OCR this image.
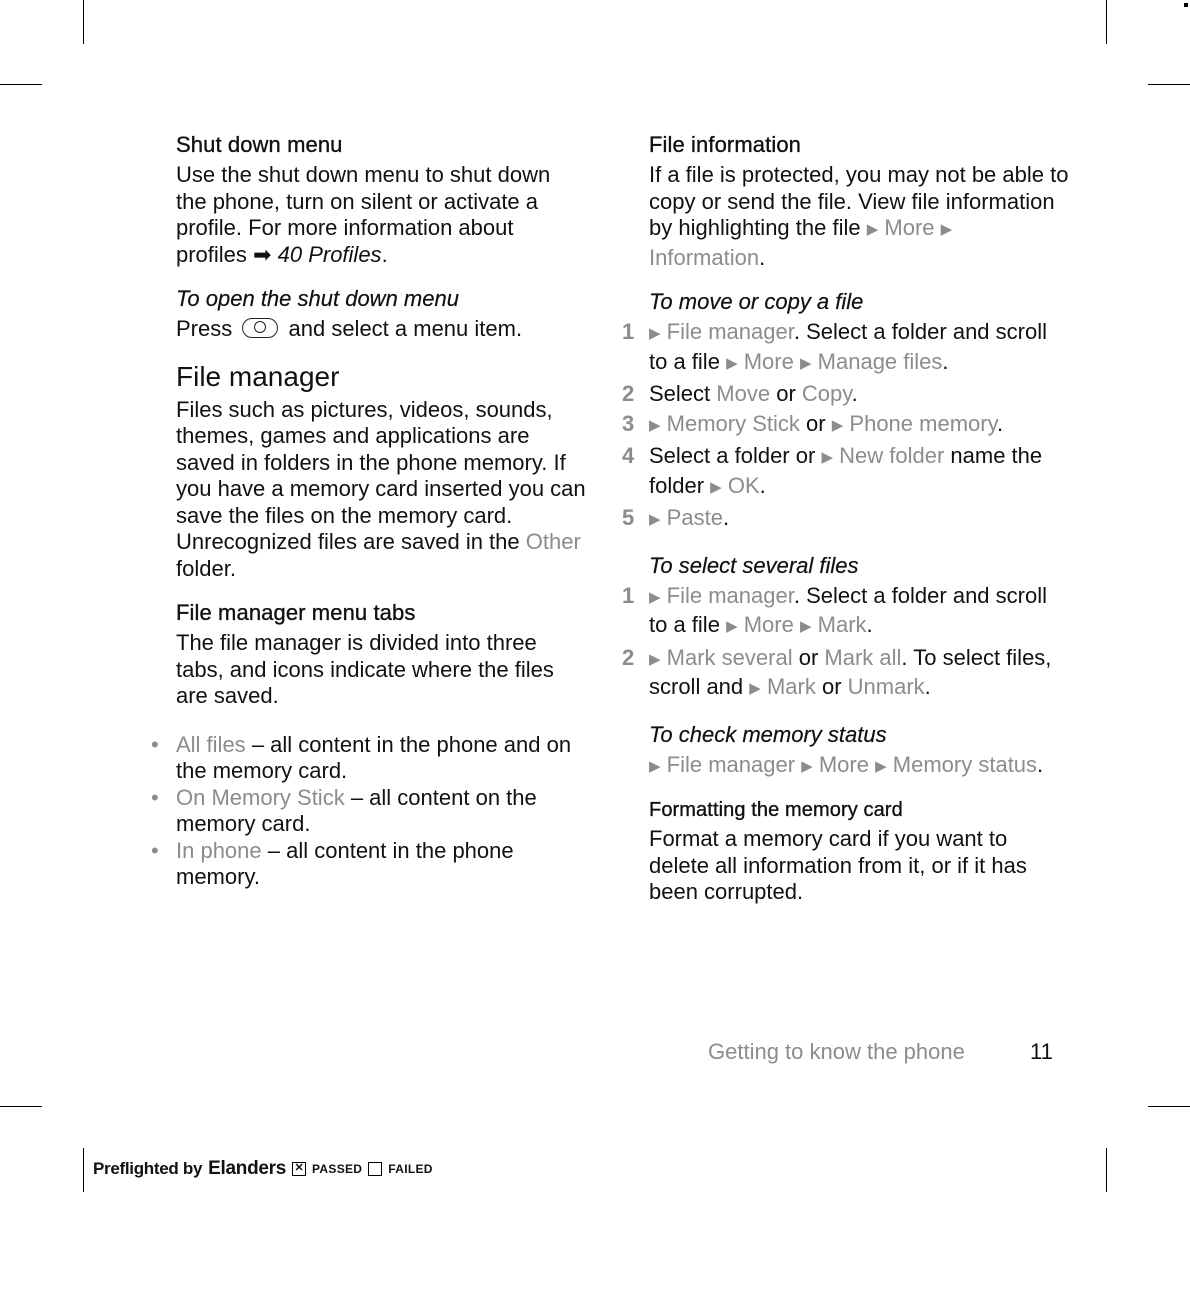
Shut down menu

Use the shut down menu to shut down the phone, turn on silent or activate a profile. For more information about profiles ➡ 40 Profiles.

To open the shut down menu

Press	and select a menu item.

File manager

Files such as pictures, videos, sounds, themes, games and applications are saved in folders in the phone memory. If you have a memory card inserted you can save the files on the memory card. Unrecognized files are saved in the Other folder.

File manager menu tabs

The file manager is divided into three tabs, and icons indicate where the files are saved.

• All files – all content in the phone and on the memory card.
• On Memory Stick – all content on the memory card.
• In phone – all content in the phone memory.
File information

If a file is protected, you may not be able to copy or send the file. View file information by highlighting the file ▶ More ▶ Information.

To move or copy a file
1 ▶ File manager. Select a folder and scroll to a file ▶ More ▶ Manage files.
2 Select Move or Copy.
3 ▶ Memory Stick or ▶ Phone memory.
4 Select a folder or ▶ New folder name the folder ▶ OK.
5 ▶ Paste.
To select several files
1 ▶ File manager. Select a folder and scroll to a file ▶ More ▶ Mark.
2 ▶ Mark several or Mark all. To select files, scroll and ▶ Mark or Unmark.
To check memory status

▶ File manager ▶ More ▶ Memory status.

Formatting the memory card

Format a memory card if you want to delete all information from it, or if it has been corrupted.

Getting to know the phone	11
Preflighted by Elanders ✕ PASSED FAILED
